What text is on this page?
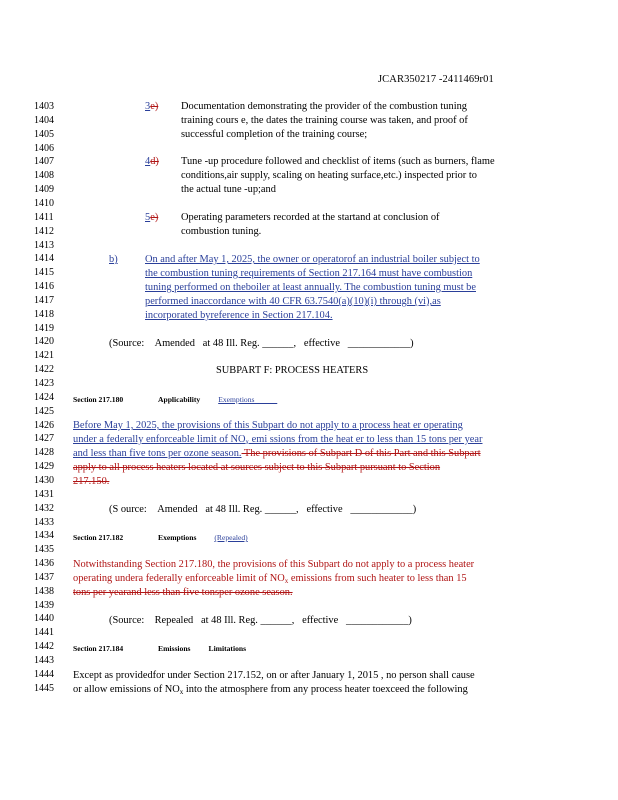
JCAR350217 -2411469r01
1403
1404
1405
1406
1407
1408
1409
1410
1411
1412
1413
1414
1415
1416
1417
1418
1419
1420
1421
1422
1423
1424
1425
1426
1427
1428
1429
1430
1431
1432
1433
1434
1435
1436
1437
1438
1439
1440
1441
1442
1443
1444
1445
3e) Documentation demonstrating the provider of the combustion tuning
training cours e, the dates the training course was taken, and proof of
successful completion of the training course;
4d) Tune -up procedure followed and checklist of items (such as burners, flame
conditions,air supply, scaling on heating surface,etc.) inspected prior to
the actual tune -up;and
5e) Operating parameters recorded at the startand at conclusion of
combustion tuning.
b)	On and after May 1, 2025, the owner or operatorof an industrial boiler subject to
the combustion tuning requirements of Section 217.164 must have combustion
tuning performed on theboiler at least annually. The combustion tuning must be
performed inaccordance with 40 CFR 63.7540(a)(10)(i) through (vi),as
incorporated byreference in Section 217.104.
(Source: Amended at 48 Ill. Reg. ______, effective ____________)
SUBPART F: PROCESS HEATERS
Section 217.180	Applicability Exemptions
Before May 1, 2025, the provisions of this Subpart do not apply to a process heat er operating
under a federally enforceable limit of $NO_x$ emi ssions from the heat er to less than 15 tons per year
and less than five tons per ozone season. The provisions of Subpart D of this Part and this Subpart
apply to all process heaters located at sources subject to this Subpart pursuant to Section
217.150.
(S ource: Amended at 48 Ill. Reg. ______, effective ____________)
Section 217.182	Exemptions (Repealed)
Notwithstanding Section 217.180, the provisions of this Subpart do not apply to a process heater
operating undera federally enforceable limit of $NO_x$ emissions from such heater to less than 15
tons per yearand less than five tonsper ozone season.
(Source: Repealed at 48 Ill. Reg. ______, effective ____________)
Section 217.184	Emissions Limitations
Except as providedfor under Section 217.152, on or after January 1, 2015 , no person shall cause
or allow emissions of $NO_x$ into the atmosphere from any process heater toexceed the following
